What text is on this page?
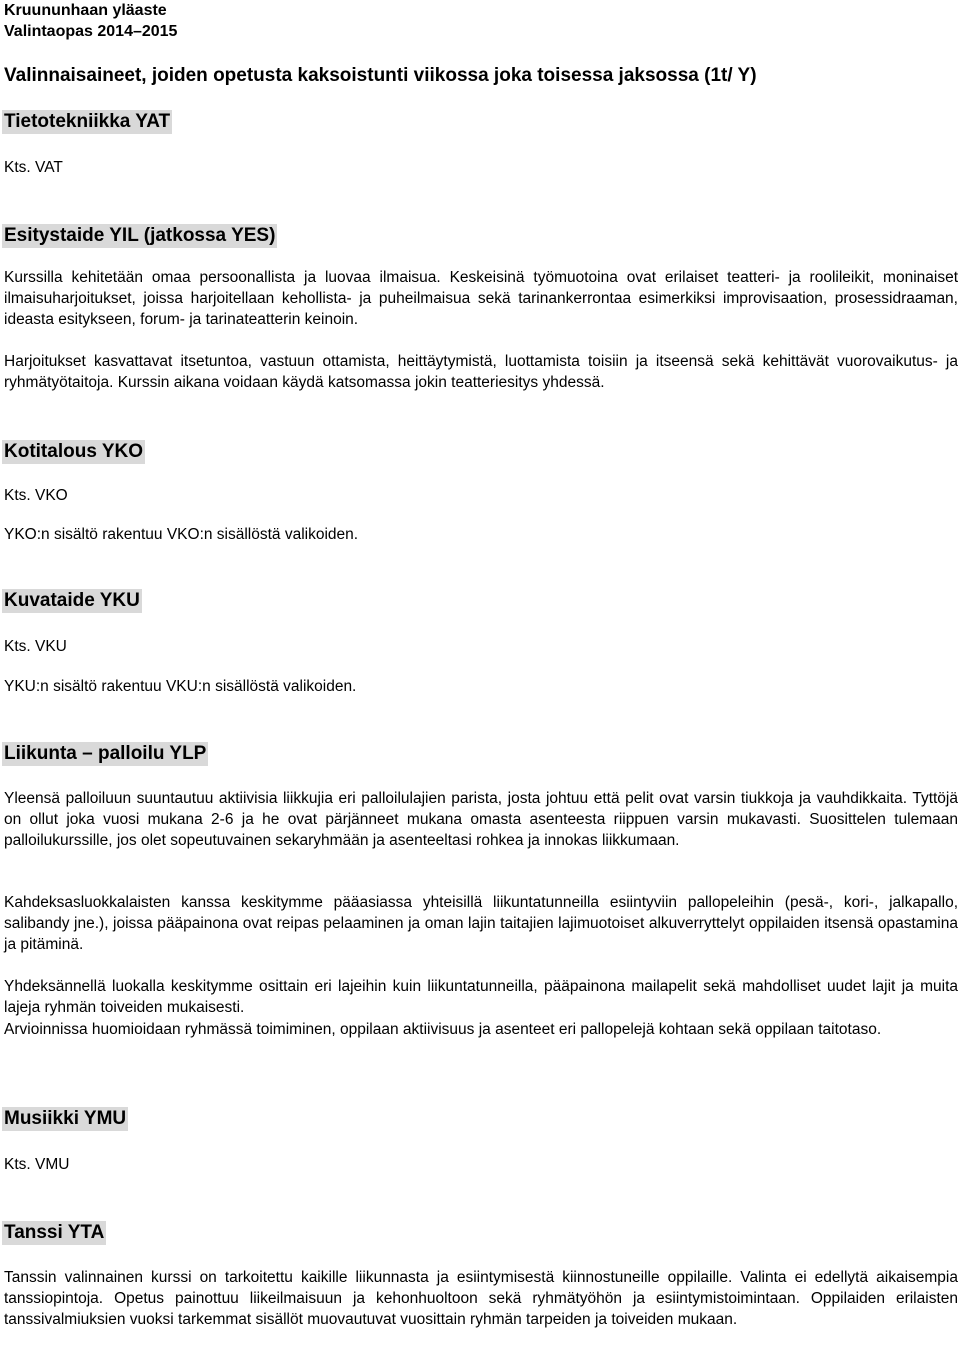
Kruununhaan yläaste
Valintaopas 2014–2015
Valinnaisaineet, joiden opetusta kaksoistunti viikossa joka toisessa jaksossa (1t/ Y)
Tietotekniikka YAT
Kts. VAT
Esitystaide YIL (jatkossa YES)

Kurssilla kehitetään omaa persoonallista ja luovaa ilmaisua. Keskeisinä työmuotoina ovat erilaiset teatteri- ja roolileikit, moninaiset ilmaisuharjoitukset, joissa harjoitellaan kehollista- ja puheilmaisua sekä tarinankerrontaa esimerkiksi improvisaation, prosessidraaman, ideasta esitykseen, forum- ja tarinateatterin keinoin.

Harjoitukset kasvattavat itsetuntoa, vastuun ottamista, heittäytymistä, luottamista toisiin ja itseensä sekä kehittävät vuorovaikutus- ja ryhmätyötaitoja. Kurssin aikana voidaan käydä katsomassa jokin teatteriesitys yhdessä.

Kotitalous YKO
Kts. VKO
YKO:n sisältö rakentuu VKO:n sisällöstä valikoiden.
Kuvataide YKU
Kts. VKU
YKU:n sisältö rakentuu VKU:n sisällöstä valikoiden.
Liikunta – palloilu YLP

Yleensä palloiluun suuntautuu aktiivisia liikkujia eri palloilulajien parista, josta johtuu että pelit ovat varsin tiukkoja ja vauhdikkaita. Tyttöjä on ollut joka vuosi mukana 2-6 ja he ovat pärjänneet mukana omasta asenteesta riippuen varsin mukavasti. Suosittelen tulemaan palloilukurssille, jos olet sopeutuvainen sekaryhmään ja asenteeltasi rohkea ja innokas liikkumaan.

Kahdeksasluokkalaisten kanssa keskitymme pääasiassa yhteisillä liikuntatunneilla esiintyviin pallopeleihin (pesä-, kori-, jalkapallo, salibandy jne.), joissa pääpainona ovat reipas pelaaminen ja oman lajin taitajien lajimuotoiset alkuverryttelyt oppilaiden itsensä opastamina ja pitäminä.

Yhdeksännellä luokalla keskitymme osittain eri lajeihin kuin liikuntatunneilla, pääpainona mailapelit sekä mahdolliset uudet lajit ja muita lajeja ryhmän toiveiden mukaisesti.

Arvioinnissa huomioidaan ryhmässä toimiminen, oppilaan aktiivisuus ja asenteet eri pallopelejä kohtaan sekä oppilaan taitotaso.

Musiikki YMU
Kts. VMU
Tanssi YTA

Tanssin valinnainen kurssi on tarkoitettu kaikille liikunnasta ja esiintymisestä kiinnostuneille oppilaille. Valinta ei edellytä aikaisempia tanssiopintoja. Opetus painottuu liikeilmaisuun ja kehonhuoltoon sekä ryhmätyöhön ja esiintymistoimintaan. Oppilaiden erilaisten tanssivalmiuksien vuoksi tarkemmat sisällöt muovautuvat vuosittain ryhmän tarpeiden ja toiveiden mukaan.
